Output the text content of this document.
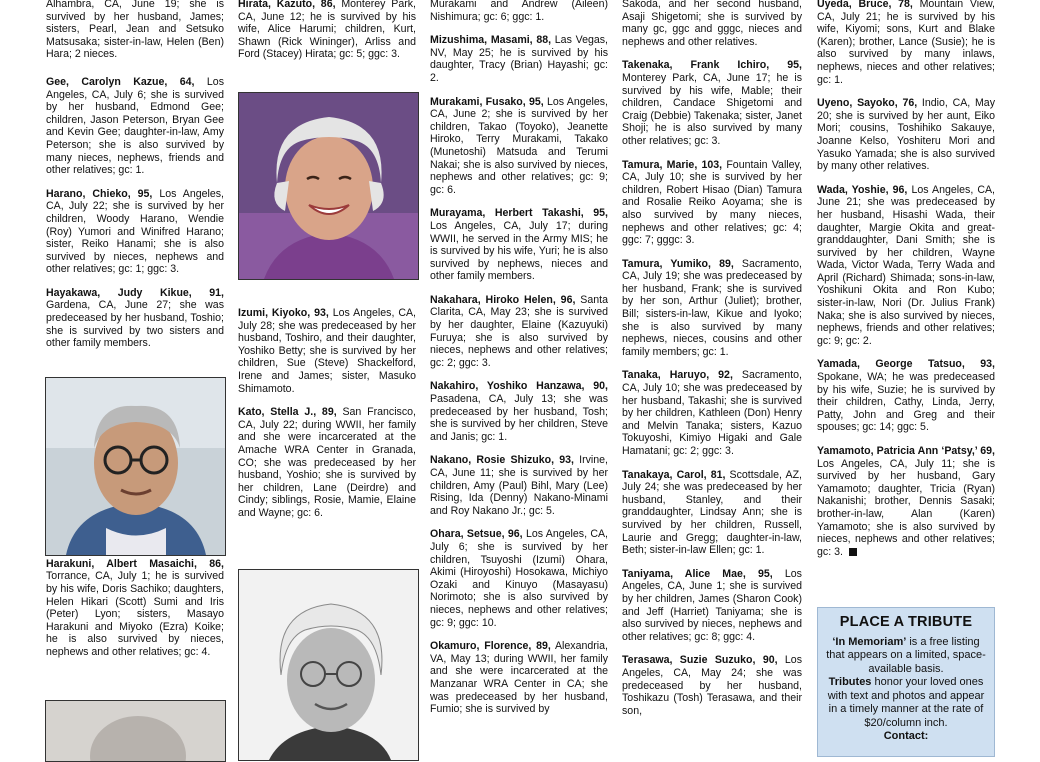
Alhambra, CA, June 19; she is survived by her husband, James; sisters, Pearl, Jean and Setsuko Matsusaka; sister-in-law, Helen (Ben) Hara; 2 nieces.
Gee, Carolyn Kazue, 64, Los Angeles, CA, July 6; she is survived by her husband, Edmond Gee; children, Jason Peterson, Bryan Gee and Kevin Gee; daughter-in-law, Amy Peterson; she is also survived by many nieces, nephews, friends and other relatives; gc: 1.
Harano, Chieko, 95, Los Angeles, CA, July 22; she is survived by her children, Woody Harano, Wendie (Roy) Yumori and Winifred Harano; sister, Reiko Hanami; she is also survived by nieces, nephews and other relatives; gc: 1; ggc: 3.
Hayakawa, Judy Kikue, 91, Gardena, CA, June 27; she was predeceased by her husband, Toshio; she is survived by two sisters and other family members.
Harakuni, Albert Masaichi, 86, Torrance, CA, July 1; he is survived by his wife, Doris Sachiko; daughters, Helen Hikari (Scott) Sumi and Iris (Peter) Lyon; sisters, Masayo Harakuni and Miyoko (Ezra) Koike; he is also survived by nieces, nephews and other relatives; gc: 4.
Hirata, Kazuto, 86, Monterey Park, CA, June 12; he is survived by his wife, Alice Harumi; children, Kurt, Shawn (Rick Wininger), Arliss and Ford (Stacey) Hirata; gc: 5; ggc: 3.
Izumi, Kiyoko, 93, Los Angeles, CA, July 28; she was predeceased by her husband, Toshiro, and their daughter, Yoshiko Betty; she is survived by her children, Sue (Steve) Shackelford, Irene and James; sister, Masuko Shimamoto.
Kato, Stella J., 89, San Francisco, CA, July 22; during WWII, her family and she were incarcerated at the Amache WRA Center in Granada, CO; she was predeceased by her husband, Yoshio; she is survived by her children, Lane (Deirdre) and Cindy; siblings, Rosie, Mamie, Elaine and Wayne; gc: 6.
Murakami and Andrew (Aileen) Nishimura; gc: 6; ggc: 1.
Mizushima, Masami, 88, Las Vegas, NV, May 25; he is survived by his daughter, Tracy (Brian) Hayashi; gc: 2.
Murakami, Fusako, 95, Los Angeles, CA, June 2; she is survived by her children, Takao (Toyoko), Jeanette Hiroko, Terry Murakami, Takako (Munetoshi) Matsuda and Terumi Nakai; she is also survived by nieces, nephews and other relatives; gc: 9; gc: 6.
Murayama, Herbert Takashi, 95, Los Angeles, CA, July 17; during WWII, he served in the Army MIS; he is survived by his wife, Yuri; he is also survived by nephews, nieces and other family members.
Nakahara, Hiroko Helen, 96, Santa Clarita, CA, May 23; she is survived by her daughter, Elaine (Kazuyuki) Furuya; she is also survived by nieces, nephews and other relatives; gc: 2; ggc: 3.
Nakahiro, Yoshiko Hanzawa, 90, Pasadena, CA, July 13; she was predeceased by her husband, Tosh; she is survived by her children, Steve and Janis; gc: 1.
Nakano, Rosie Shizuko, 93, Irvine, CA, June 11; she is survived by her children, Amy (Paul) Bihl, Mary (Lee) Rising, Ida (Denny) Nakano-Minami and Roy Nakano Jr.; gc: 5.
Ohara, Setsue, 96, Los Angeles, CA, July 6; she is survived by her children, Tsuyoshi (Izumi) Ohara, Akimi (Hiroyoshi) Hosokawa, Michiyo Ozaki and Kinuyo (Masayasu) Norimoto; she is also survived by nieces, nephews and other relatives; gc: 9; ggc: 10.
Okamuro, Florence, 89, Alexandria, VA, May 13; during WWII, her family and she were incarcerated at the Manzanar WRA Center in CA; she was predeceased by her husband, Fumio; she is survived by
Sakoda, and her second husband, Asaji Shigetomi; she is survived by many gc, ggc and gggc, nieces and nephews and other relatives.
Takenaka, Frank Ichiro, 95, Monterey Park, CA, June 17; he is survived by his wife, Mable; their children, Candace Shigetomi and Craig (Debbie) Takenaka; sister, Janet Shoji; he is also survived by many other relatives; gc: 3.
Tamura, Marie, 103, Fountain Valley, CA, July 10; she is survived by her children, Robert Hisao (Dian) Tamura and Rosalie Reiko Aoyama; she is also survived by many nieces, nephews and other relatives; gc: 4; ggc: 7; gggc: 3.
Tamura, Yumiko, 89, Sacramento, CA, July 19; she was predeceased by her husband, Frank; she is survived by her son, Arthur (Juliet); brother, Bill; sisters-in-law, Kikue and Iyoko; she is also survived by many nephews, nieces, cousins and other family members; gc: 1.
Tanaka, Haruyo, 92, Sacramento, CA, July 10; she was predeceased by her husband, Takashi; she is survived by her children, Kathleen (Don) Henry and Melvin Tanaka; sisters, Kazuo Tokuyoshi, Kimiyo Higaki and Gale Hamatani; gc: 2; ggc: 3.
Tanakaya, Carol, 81, Scottsdale, AZ, July 24; she was predeceased by her husband, Stanley, and their granddaughter, Lindsay Ann; she is survived by her children, Russell, Laurie and Gregg; daughter-in-law, Beth; sister-in-law Ellen; gc: 1.
Taniyama, Alice Mae, 95, Los Angeles, CA, June 1; she is survived by her children, James (Sharon Cook) and Jeff (Harriet) Taniyama; she is also survived by nieces, nephews and other relatives; gc: 8; ggc: 4.
Terasawa, Suzie Suzuko, 90, Los Angeles, CA, May 24; she was predeceased by her husband, Toshikazu (Tosh) Terasawa, and their son,
Uyeda, Bruce, 78, Mountain View, CA, July 21; he is survived by his wife, Kiyomi; sons, Kurt and Blake (Karen); brother, Lance (Susie); he is also survived by many inlaws, nephews, nieces and other relatives; gc: 1.
Uyeno, Sayoko, 76, Indio, CA, May 20; she is survived by her aunt, Eiko Mori; cousins, Toshihiko Sakauye, Joanne Kelso, Yoshiteru Mori and Yasuko Yamada; she is also survived by many other relatives.
Wada, Yoshie, 96, Los Angeles, CA, June 21; she was predeceased by her husband, Hisashi Wada, their daughter, Margie Okita and great-granddaughter, Dani Smith; she is survived by her children, Wayne Wada, Victor Wada, Terry Wada and April (Richard) Shimada; sons-in-law, Yoshikuni Okita and Ron Kubo; sister-in-law, Nori (Dr. Julius Frank) Naka; she is also survived by nieces, nephews, friends and other relatives; gc: 9; gc: 2.
Yamada, George Tatsuo, 93, Spokane, WA; he was predeceased by his wife, Suzie; he is survived by their children, Cathy, Linda, Jerry, Patty, John and Greg and their spouses; gc: 14; ggc: 5.
Yamamoto, Patricia Ann ‘Patsy,’ 69, Los Angeles, CA, July 11; she is survived by her husband, Gary Yamamoto; daughter, Tricia (Ryan) Nakanishi; brother, Dennis Sasaki; brother-in-law, Alan (Karen) Yamamoto; she is also survived by nieces, nephews and other relatives; gc: 3.
PLACE A TRIBUTE
‘In Memoriam’ is a free listing that appears on a limited, space-available basis.
Tributes honor your loved ones with text and photos and appear in a timely manner at the rate of $20/column inch.
Contact:
